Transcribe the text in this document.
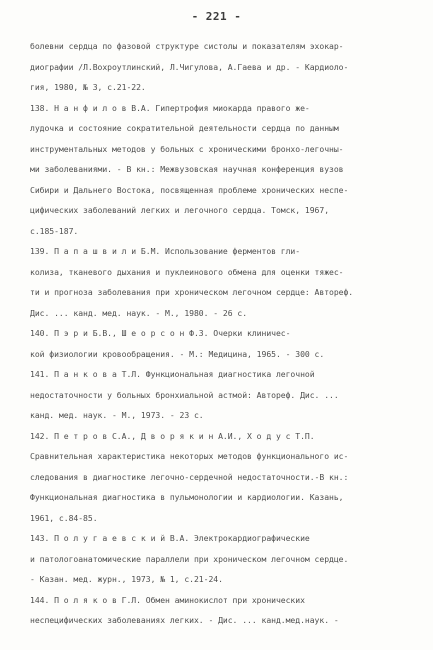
- 221 -
болевни сердца по фазовой структуре систолы и показателям эхокар-
диографии /Л.Вохроутлинский, Л.Чигулова, А.Гаева и др. - Кардиоло-
гия, 1980, № 3, с.21-22.
138. Н а н ф и л о в В.А. Гипертрофия миокарда правого же-
лудочка и состояние сократительной деятельности сердца по данным
инструментальных методов у больных с хроническими бронхо-легочны-
ми заболеваниями. - В кн.: Межвузовская научная конференция вузов
Сибири и Дальнего Востока, посвященная проблеме хронических неспе-
цифических заболеваний легких и легочного сердца. Томск, 1967,
с.185-187.
139. П а п а ш в и л и Б.М. Использование ферментов гли-
колиза, тканевого дыхания и пуклеинового обмена для оценки тяжес-
ти и прогноза заболевания при хроническом легочном сердце: Автореф.
Дис. ... канд. мед. наук. - М., 1980. - 26 с.
140. П э р и Б.В., Ш е о р с о н Ф.З. Очерки клиничес-
кой физиологии кровообращения. - М.: Медицина, 1965. - 300 с.
141. П а н к о в а Т.Л. Функциональная диагностика легочной
недостаточности у больных бронхиальной астмой: Автореф. Дис. ...
канд. мед. наук. - М., 1973. - 23 с.
142. П е т р о в С.А., Д в о р я к и н А.И., Х о д у с Т.П.
Сравнительная характеристика некоторых методов функционального ис-
следования в диагностике легочно-сердечной недостаточности.-В кн.:
Функциональная диагностика в пульмонологии и кардиологии. Казань,
1961, с.84-85.
143. П о л у г а е в с к и й В.А. Электрокардиографические
и патологоанатомические параллели при хроническом легочном сердце.
- Казан. мед. журн., 1973, № 1, с.21-24.
144. П о л я к о в Г.Л. Обмен аминокислот при хронических
неспецифических заболеваниях легких. - Дис. ... канд.мед.наук. -
